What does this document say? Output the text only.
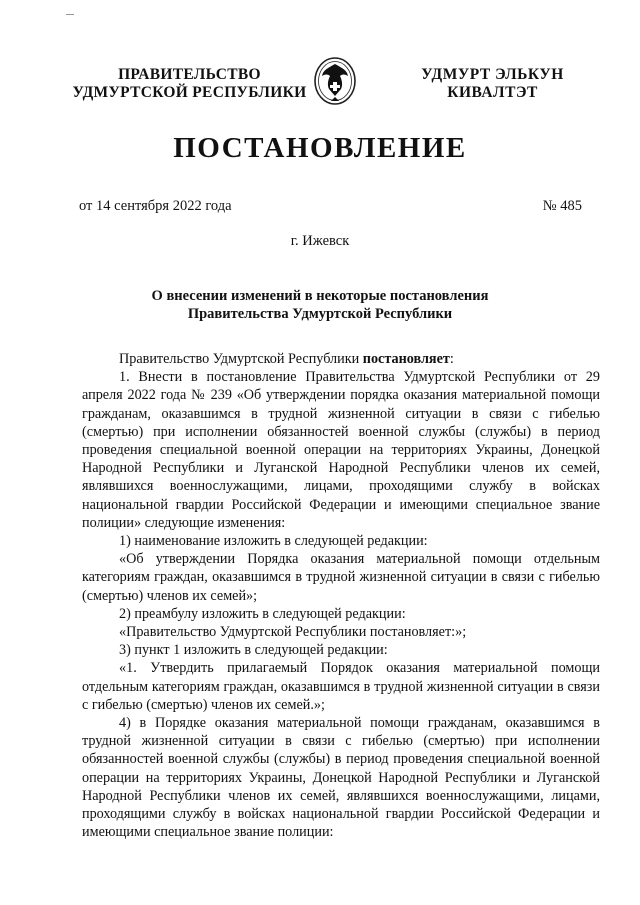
ПРАВИТЕЛЬСТВО
УДМУРТСКОЙ РЕСПУБЛИКИ
УДМУРТ ЭЛЬКУН
КИВАЛТЭТ
ПОСТАНОВЛЕНИЕ
от 14 сентября 2022 года	№ 485
г. Ижевск
О внесении изменений в некоторые постановления
Правительства Удмуртской Республики

Правительство Удмуртской Республики постановляет:

1. Внести в постановление Правительства Удмуртской Республики от 29 апреля 2022 года № 239 «Об утверждении порядка оказания материальной помощи гражданам, оказавшимся в трудной жизненной ситуации в связи с гибелью (смертью) при исполнении обязанностей военной службы (службы) в период проведения специальной военной операции на территориях Украины, Донецкой Народной Республики и Луганской Народной Республики членов их семей, являвшихся военнослужащими, лицами, проходящими службу в войсках национальной гвардии Российской Федерации и имеющими специальное звание полиции» следующие изменения:

1) наименование изложить в следующей редакции:

«Об утверждении Порядка оказания материальной помощи отдельным категориям граждан, оказавшимся в трудной жизненной ситуации в связи с гибелью (смертью) членов их семей»;

2) преамбулу изложить в следующей редакции:

«Правительство Удмуртской Республики постановляет:»;

3) пункт 1 изложить в следующей редакции:

«1. Утвердить прилагаемый Порядок оказания материальной помощи отдельным категориям граждан, оказавшимся в трудной жизненной ситуации в связи с гибелью (смертью) членов их семей.»;

4) в Порядке оказания материальной помощи гражданам, оказавшимся в трудной жизненной ситуации в связи с гибелью (смертью) при исполнении обязанностей военной службы (службы) в период проведения специальной военной операции на территориях Украины, Донецкой Народной Республики и Луганской Народной Республики членов их семей, являвшихся военнослужащими, лицами, проходящими службу в войсках национальной гвардии Российской Федерации и имеющими специальное звание полиции:
